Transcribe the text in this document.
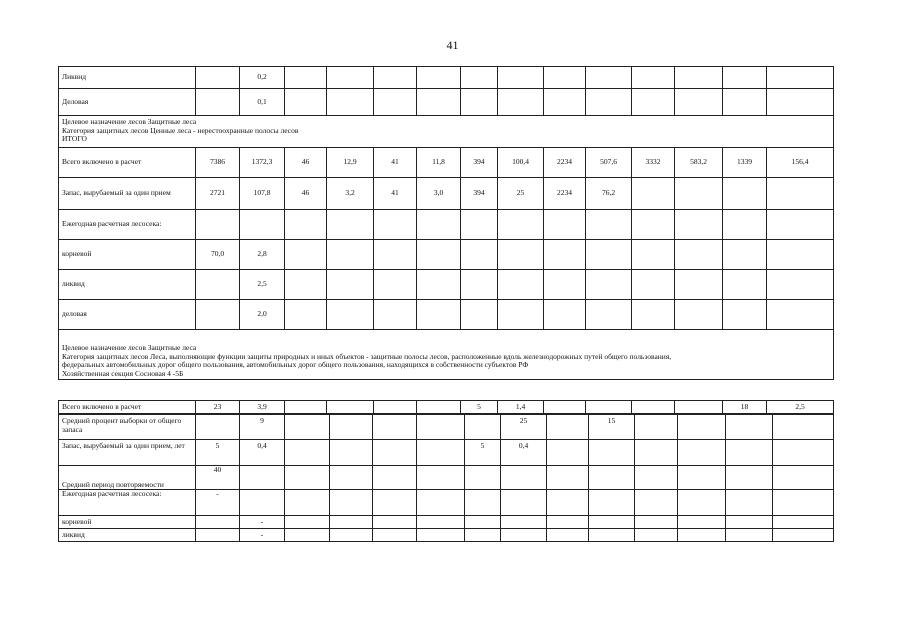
41
Ликвид		0,2													
Деловая		0,1													

Целевое назначение лесов Защитные леса
Категория защитных лесов Ценные леса - нерестоохранные полосы лесов
ИТОГО															

Всего включено в расчет	7386	1372,3	46	12,9	41	11,8	394	100,4	2234	507,6	3332	583,2	1339	156,4	
Запас, вырубаемый за один прием	2721	107,8	46	3,2	41	3,0	394	25	2234	76,2					
Ежегодная расчетная лесосека:															
корневой	70,0	2,8													
ликвид		2,5													
деловая		2,0													

Целевое назначение лесов Защитные леса
Категория защитных лесов Леса, выполняющие функции защиты природных и иных объектов - защитные полосы лесов, расположенные вдоль железнодорожных путей общего пользования,
федеральных автомобильных дорог общего пользования, автомобильных дорог общего пользования, находящихся в собственности субъектов РФ
Хозяйственная секция Сосновая 4 -5Б															
Всего включено в расчет	23	3,9					5	1,4					18	2,5	
Средний процент выборки от общего запаса		9						25		15					
Запас, вырубаемый за один прием, лет	5	0,4					5	0,4							
Средний период повторяемости	40														
Ежегодная расчетная лесосека:	-														
корневой		-													
ликвид		-													
